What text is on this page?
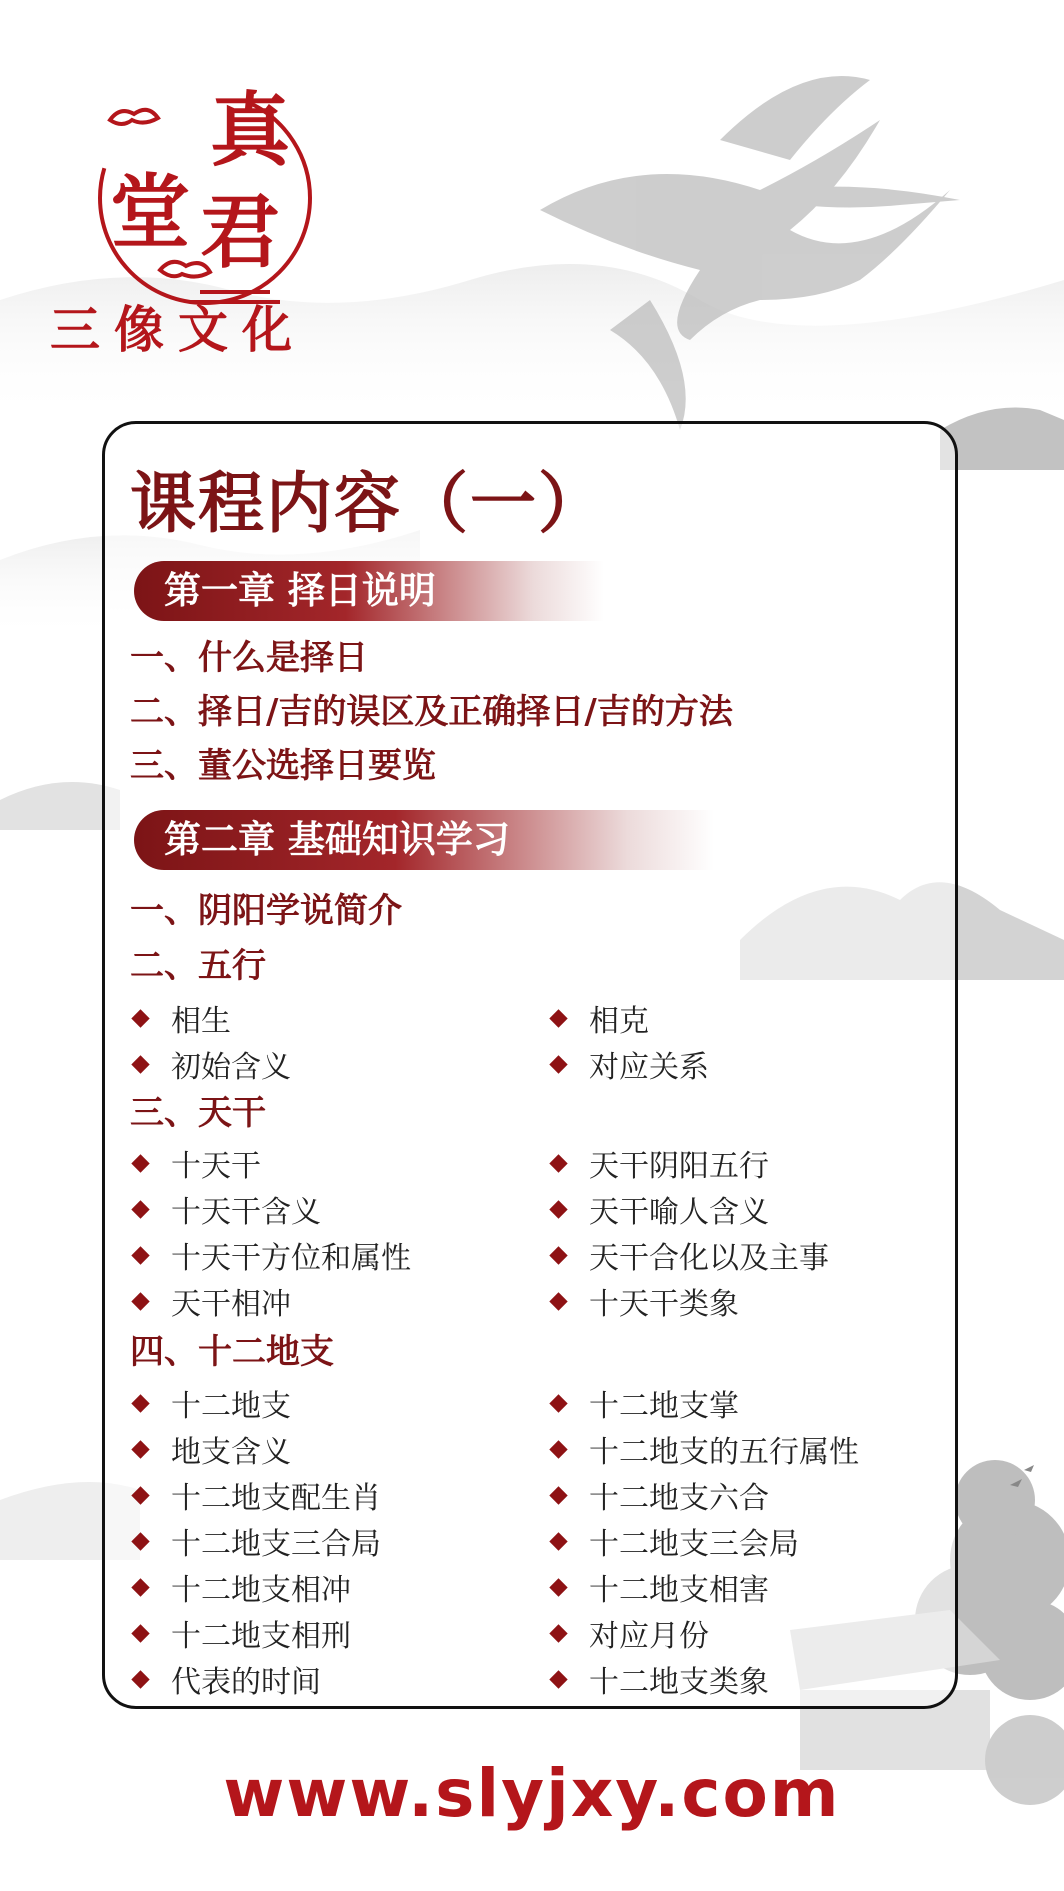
真
堂 君

三像文化

课程内容（一）
第一章 择日说明

一、什么是择日

二、择日/吉的误区及正确择日/吉的方法

三、董公选择日要览

第二章 基础知识学习

一、阴阳学说简介

二、五行

相生
初始含义
相克
对应关系

三、天干

十天干
十天干含义
十天干方位和属性
天干相冲
天干阴阳五行
天干喻人含义
天干合化以及主事
十天干类象

四、十二地支

十二地支
地支含义
十二地支配生肖
十二地支三合局
十二地支相冲
十二地支相刑
代表的时间
十二地支掌
十二地支的五行属性
十二地支六合
十二地支三会局
十二地支相害
对应月份
十二地支类象
www.slyjxy.com
